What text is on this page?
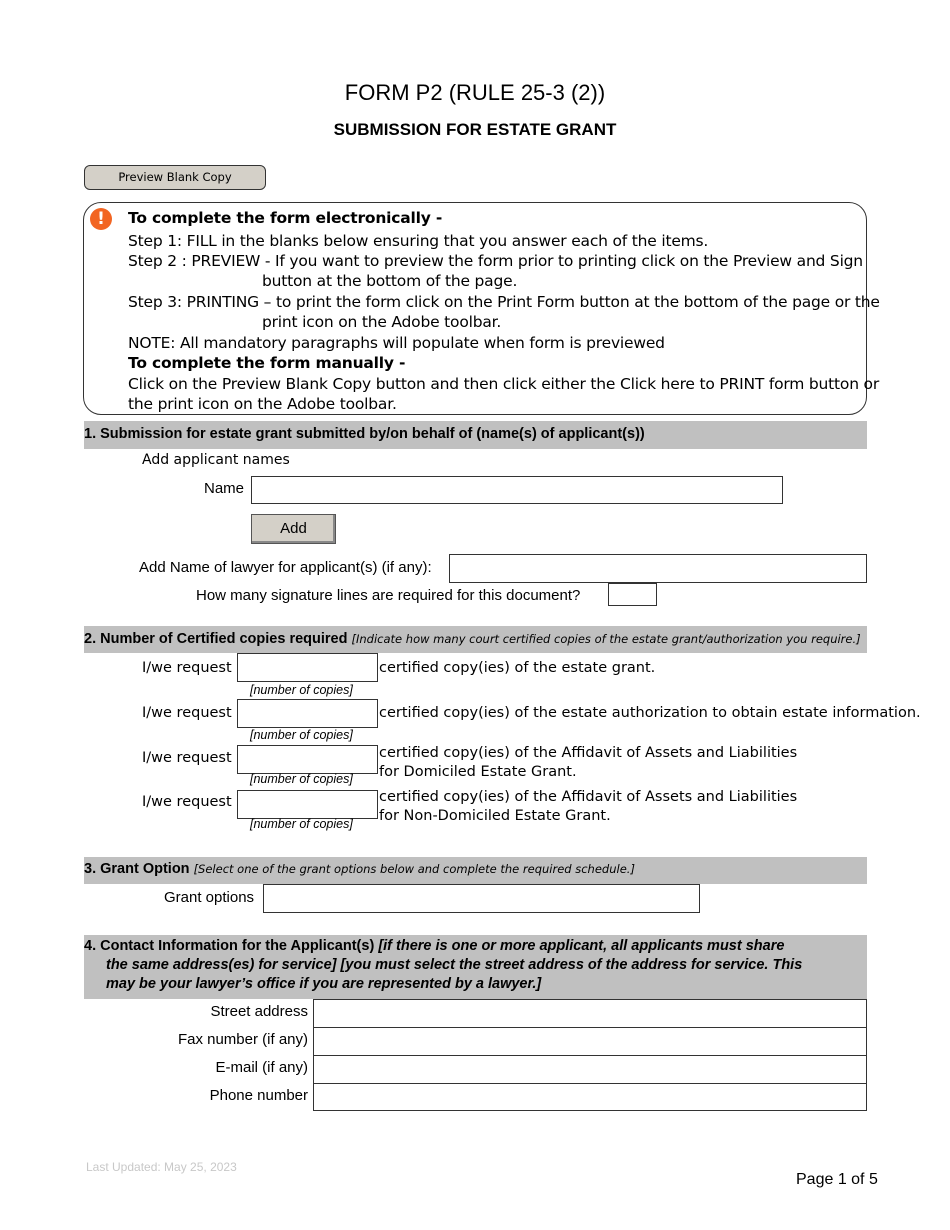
FORM P2 (RULE 25-3 (2))
SUBMISSION FOR ESTATE GRANT
Preview Blank Copy
!	To complete the form electronically -
Step 1: FILL in the blanks below ensuring that you answer each of the items.
Step 2 : PREVIEW - If you want to preview the form prior to printing click on the Preview and Sign
button at the bottom of the page.
Step 3: PRINTING – to print the form click on the Print Form button at the bottom of the page or the
print icon on the Adobe toolbar.
NOTE: All mandatory paragraphs will populate when form is previewed
To complete the form manually -
Click on the Preview Blank Copy button and then click either the Click here to PRINT form button or
the print icon on the Adobe toolbar.
1. Submission for estate grant submitted by/on behalf of (name(s) of applicant(s))
Add applicant names
Name
Add
Add Name of lawyer for applicant(s) (if any):
How many signature lines are required for this document?
2. Number of Certified copies required [Indicate how many court certified copies of the estate grant/authorization you require.]
I/we request
[number of copies]
certified copy(ies) of the estate grant.
I/we request
[number of copies]
certified copy(ies) of the estate authorization to obtain estate information.
I/we request
[number of copies]
certified copy(ies) of the Affidavit of Assets and Liabilities
for Domiciled Estate Grant.
I/we request
[number of copies]
certified copy(ies) of the Affidavit of Assets and Liabilities
for Non-Domiciled Estate Grant.
3. Grant Option [Select one of the grant options below and complete the required schedule.]
Grant options
4. Contact Information for the Applicant(s) [if there is one or more applicant, all applicants must share
the same address(es) for service] [you must select the street address of the address for service. This
may be your lawyer’s office if you are represented by a lawyer.]
Street address
Fax number (if any)
E-mail (if any)
Phone number
Last Updated: May 25, 2023
Page 1 of 5
